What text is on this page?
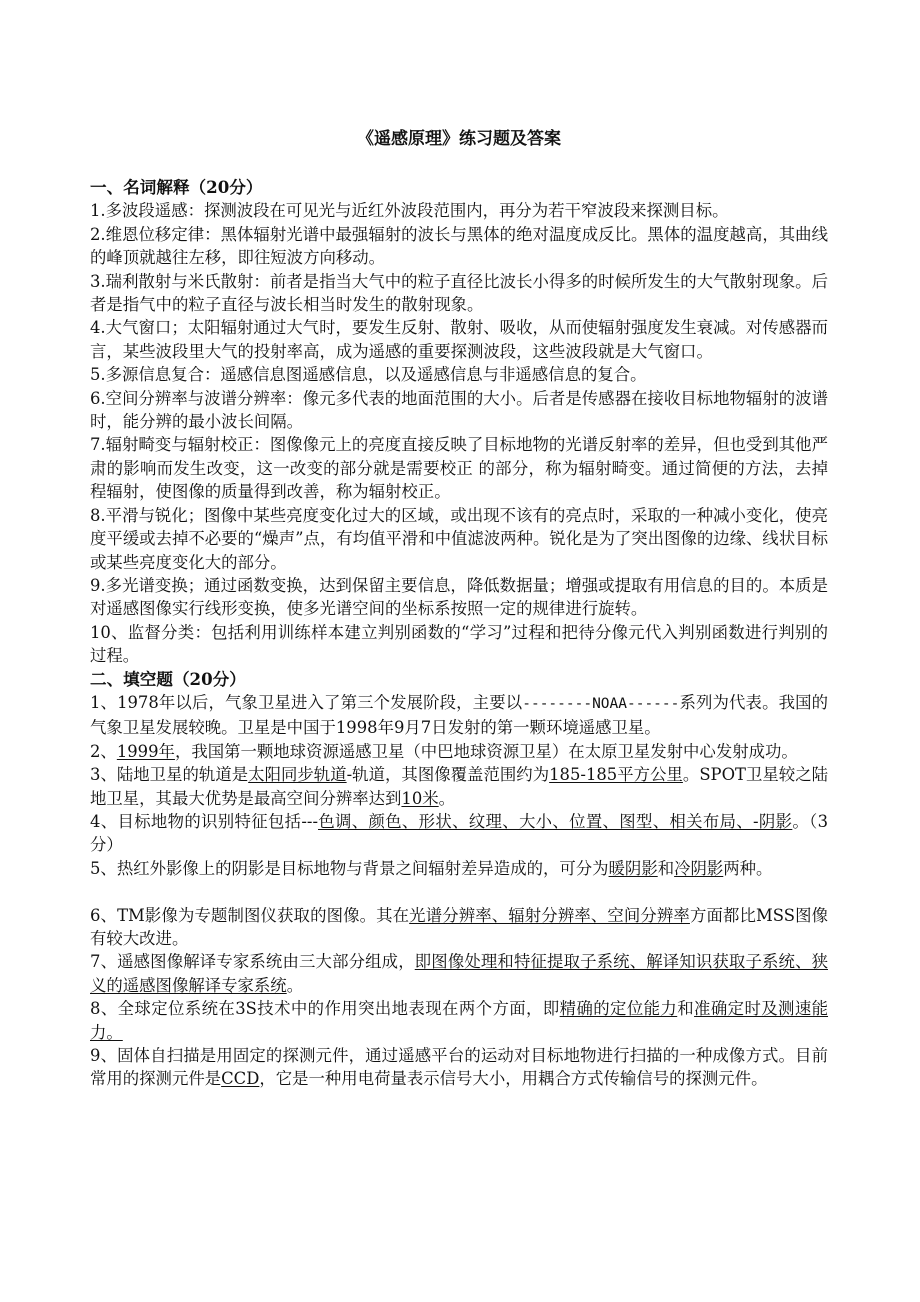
《遥感原理》练习题及答案
一、名词解释（20分）

1.多波段遥感：探测波段在可见光与近红外波段范围内，再分为若干窄波段来探测目标。

2.维恩位移定律：黑体辐射光谱中最强辐射的波长与黑体的绝对温度成反比。黑体的温度越高，其曲线的峰顶就越往左移，即往短波方向移动。

3.瑞利散射与米氏散射：前者是指当大气中的粒子直径比波长小得多的时候所发生的大气散射现象。后者是指气中的粒子直径与波长相当时发生的散射现象。

4.大气窗口；太阳辐射通过大气时，要发生反射、散射、吸收，从而使辐射强度发生衰减。对传感器而言，某些波段里大气的投射率高，成为遥感的重要探测波段，这些波段就是大气窗口。

5.多源信息复合：遥感信息图遥感信息，以及遥感信息与非遥感信息的复合。

6.空间分辨率与波谱分辨率：像元多代表的地面范围的大小。后者是传感器在接收目标地物辐射的波谱时，能分辨的最小波长间隔。

7.辐射畸变与辐射校正：图像像元上的亮度直接反映了目标地物的光谱反射率的差异，但也受到其他严肃的影响而发生改变，这一改变的部分就是需要校正 的部分，称为辐射畸变。通过简便的方法，去掉程辐射，使图像的质量得到改善，称为辐射校正。

8.平滑与锐化；图像中某些亮度变化过大的区域，或出现不该有的亮点时，采取的一种减小变化，使亮度平缓或去掉不必要的“燥声”点，有均值平滑和中值滤波两种。锐化是为了突出图像的边缘、线状目标或某些亮度变化大的部分。

9.多光谱变换；通过函数变换，达到保留主要信息，降低数据量；增强或提取有用信息的目的。本质是对遥感图像实行线形变换，使多光谱空间的坐标系按照一定的规律进行旋转。

10、监督分类：包括利用训练样本建立判别函数的“学习”过程和把待分像元代入判别函数进行判别的过程。

二、填空题（20分）

1、1978年以后，气象卫星进入了第三个发展阶段，主要以--------NOAA------系列为代表。我国的气象卫星发展较晚。卫星是中国于1998年9月7日发射的第一颗环境遥感卫星。

2、1999年，我国第一颗地球资源遥感卫星（中巴地球资源卫星）在太原卫星发射中心发射成功。

3、陆地卫星的轨道是太阳同步轨道-轨道，其图像覆盖范围约为185-185平方公里。SPOT卫星较之陆地卫星，其最大优势是最高空间分辨率达到10米。

4、目标地物的识别特征包括---色调、颜色、形状、纹理、大小、位置、图型、相关布局、-阴影。（3分）

5、热红外影像上的阴影是目标地物与背景之间辐射差异造成的，可分为暖阴影和冷阴影两种。

6、TM影像为专题制图仪获取的图像。其在光谱分辨率、辐射分辨率、空间分辨率方面都比MSS图像有较大改进。

7、遥感图像解译专家系统由三大部分组成，即图像处理和特征提取子系统、解译知识获取子系统、狭义的遥感图像解译专家系统。

8、全球定位系统在3S技术中的作用突出地表现在两个方面，即精确的定位能力和准确定时及测速能力。

9、固体自扫描是用固定的探测元件，通过遥感平台的运动对目标地物进行扫描的一种成像方式。目前常用的探测元件是CCD，它是一种用电荷量表示信号大小，用耦合方式传输信号的探测元件。
